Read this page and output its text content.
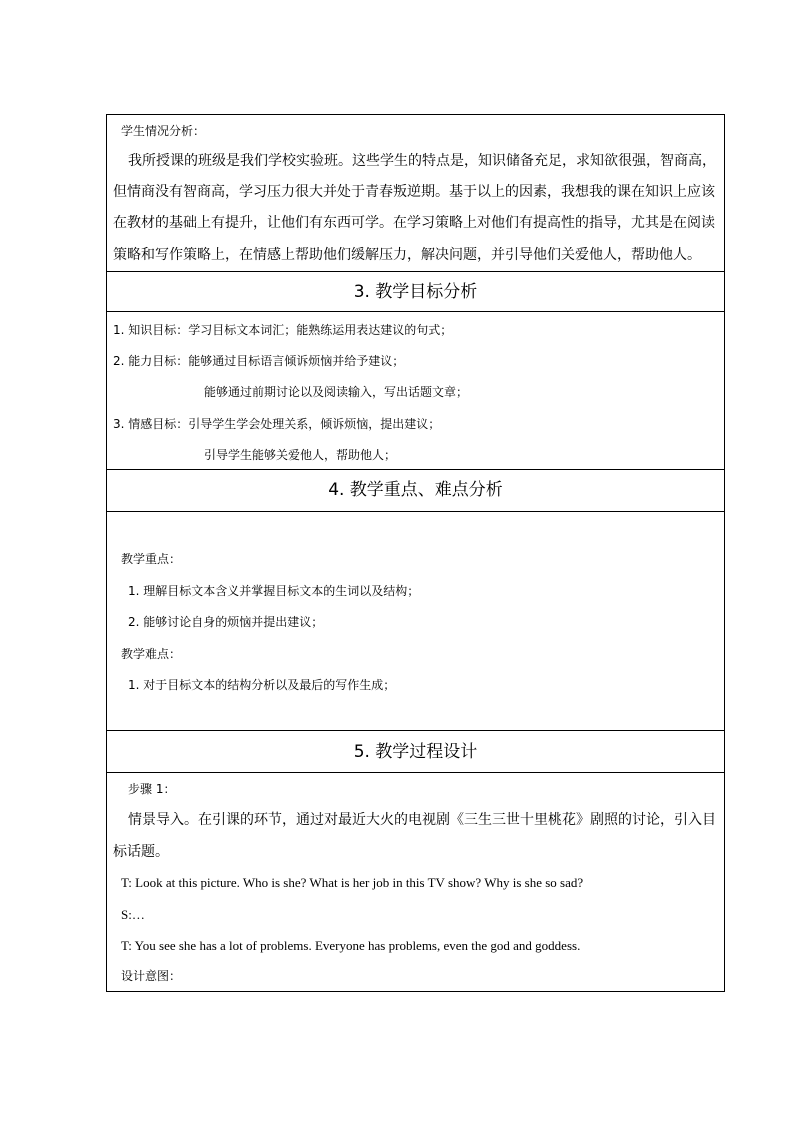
学生情况分析：
我所授课的班级是我们学校实验班。这些学生的特点是，知识储备充足，求知欲很强，智商高，
但情商没有智商高，学习压力很大并处于青春叛逆期。基于以上的因素，我想我的课在知识上应该
在教材的基础上有提升，让他们有东西可学。在学习策略上对他们有提高性的指导，尤其是在阅读
策略和写作策略上，在情感上帮助他们缓解压力，解决问题，并引导他们关爱他人，帮助他人。
3. 教学目标分析
1. 知识目标：学习目标文本词汇；能熟练运用表达建议的句式；
2. 能力目标：能够通过目标语言倾诉烦恼并给予建议；
能够通过前期讨论以及阅读输入，写出话题文章；
3. 情感目标：引导学生学会处理关系，倾诉烦恼，提出建议；
引导学生能够关爱他人，帮助他人；
4. 教学重点、难点分析
教学重点：
1. 理解目标文本含义并掌握目标文本的生词以及结构；
2. 能够讨论自身的烦恼并提出建议；
教学难点：
1. 对于目标文本的结构分析以及最后的写作生成；
5. 教学过程设计
步骤 1：
情景导入。在引课的环节，通过对最近大火的电视剧《三生三世十里桃花》剧照的讨论，引入目
标话题。
T: Look at this picture. Who is she? What is her job in this TV show? Why is she so sad?
S:…
T: You see she has a lot of problems. Everyone has problems, even the god and goddess.
设计意图：
